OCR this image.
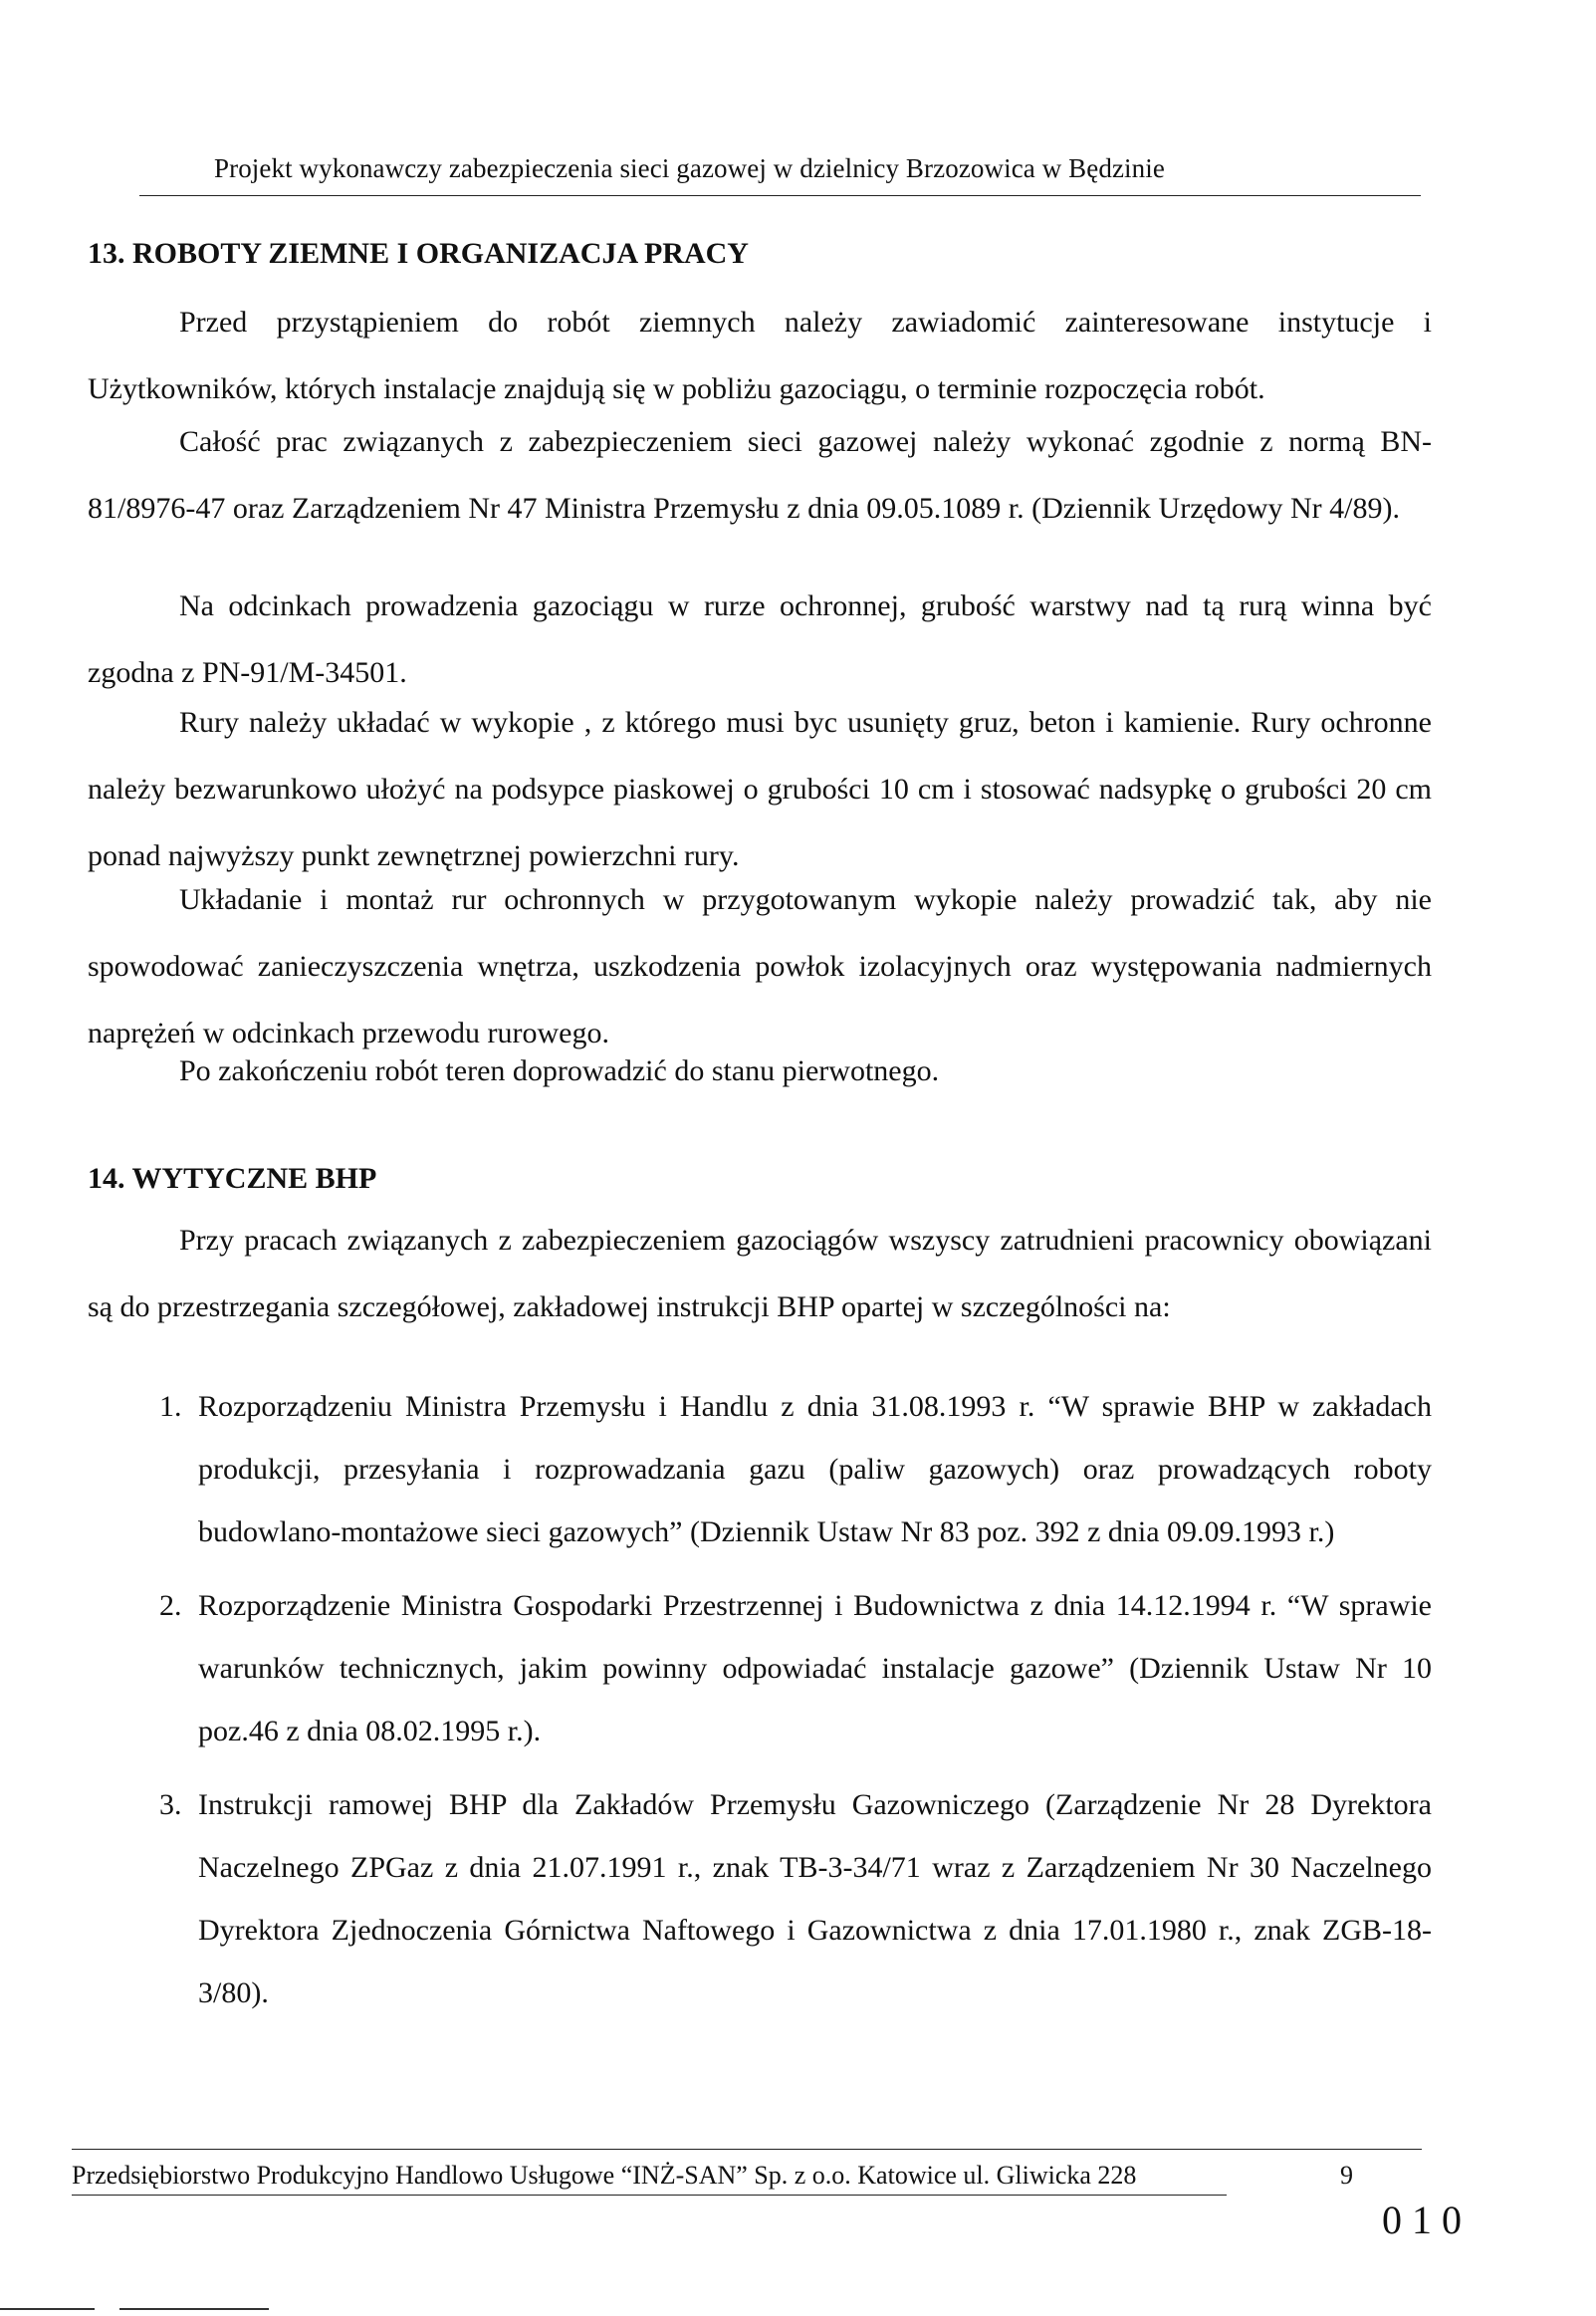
Projekt wykonawczy zabezpieczenia sieci gazowej w dzielnicy Brzozowica w Będzinie
13. ROBOTY ZIEMNE I ORGANIZACJA PRACY

Przed przystąpieniem do robót ziemnych należy zawiadomić zainteresowane instytucje i Użytkowników, których instalacje znajdują się w pobliżu gazociągu, o terminie rozpoczęcia robót.

Całość prac związanych z zabezpieczeniem sieci gazowej należy wykonać zgodnie z normą BN-81/8976-47 oraz Zarządzeniem Nr 47 Ministra Przemysłu z dnia 09.05.1089 r. (Dziennik Urzędowy Nr 4/89).

Na odcinkach prowadzenia gazociągu w rurze ochronnej, grubość warstwy nad tą rurą winna być zgodna z PN-91/M-34501.

Rury należy układać w wykopie , z którego musi byc usunięty gruz, beton i kamienie. Rury ochronne należy bezwarunkowo ułożyć na podsypce piaskowej o grubości 10 cm i stosować nadsypkę o grubości 20 cm ponad najwyższy punkt zewnętrznej powierzchni rury.

Układanie i montaż rur ochronnych w przygotowanym wykopie należy prowadzić tak, aby nie spowodować zanieczyszczenia wnętrza, uszkodzenia powłok izolacyjnych oraz występowania nadmiernych naprężeń w odcinkach przewodu rurowego.

Po zakończeniu robót teren doprowadzić do stanu pierwotnego.

14. WYTYCZNE BHP

Przy pracach związanych z zabezpieczeniem gazociągów wszyscy zatrudnieni pracownicy obowiązani są do przestrzegania szczegółowej, zakładowej instrukcji BHP opartej w szczególności na:

1. Rozporządzeniu Ministra Przemysłu i Handlu z dnia 31.08.1993 r. “W sprawie BHP w zakładach produkcji, przesyłania i rozprowadzania gazu (paliw gazowych) oraz prowadzących roboty budowlano-montażowe sieci gazowych” (Dziennik Ustaw Nr 83 poz. 392 z dnia 09.09.1993 r.)
2. Rozporządzenie Ministra Gospodarki Przestrzennej i Budownictwa z dnia 14.12.1994 r. “W sprawie warunków technicznych, jakim powinny odpowiadać instalacje gazowe” (Dziennik Ustaw Nr 10 poz.46 z dnia 08.02.1995 r.).
3. Instrukcji ramowej BHP dla Zakładów Przemysłu Gazowniczego (Zarządzenie Nr 28 Dyrektora Naczelnego ZPGaz z dnia 21.07.1991 r., znak TB-3-34/71 wraz z Zarządzeniem Nr 30 Naczelnego Dyrektora Zjednoczenia Górnictwa Naftowego i Gazownictwa z dnia 17.01.1980 r., znak ZGB-18-3/80).
Przedsiębiorstwo Produkcyjno Handlowo Usługowe “INŻ-SAN” Sp. z o.o. Katowice ul. Gliwicka 228	9
010
